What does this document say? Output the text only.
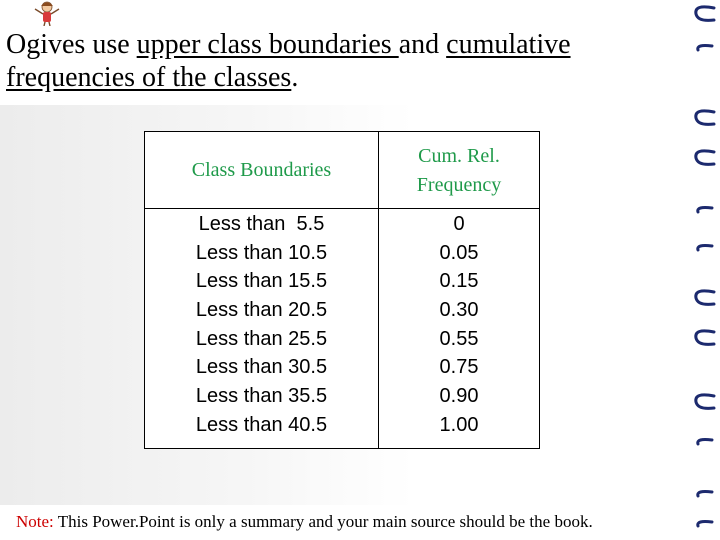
Ogives use upper class boundaries and cumulative frequencies of the classes.
Class Boundaries
Cum. Rel. Frequency
Less than  5.5
Less than 10.5
Less than 15.5
Less than 20.5
Less than 25.5
Less than 30.5
Less than 35.5
Less than 40.5
0
0.05
0.15
0.30
0.55
0.75
0.90
1.00
Note: This Power.Point is only a summary and your main source should be the book.
